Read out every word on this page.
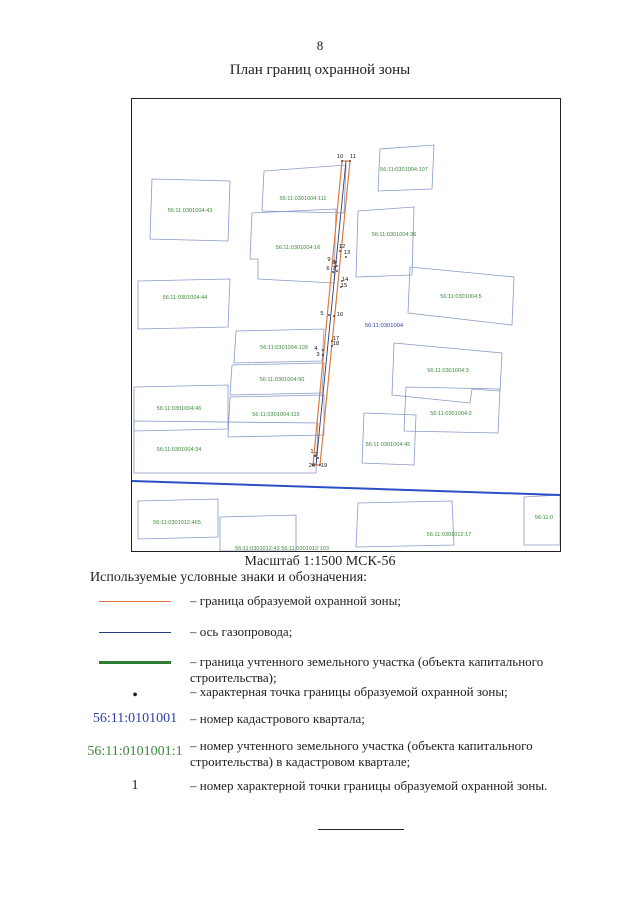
8
План границ охранной зоны
56:11:0301004:107
56:11:0301004:43
56:11:0301004:111
56:11:0301004:36
56:11:0301004:16
56:11:0301004:44	56:11:0301004:5
56:11:0301004:109
56:11:0301004:3
56:11:0301004:90
56:11:0301004:46
56:11:0301004:115	56:11:0301004:2
56:11:0301004:34
56:11:0301004:45
56:11:0301012:465
56:11:0301012:17
56:11:0
56:11:0301012:43 56:11:0301012:103
56:11:0301004
10 11
12
13
9 8
7
6
14
15
5 16
17
18
4
3
1 2
20 19
Масштаб 1:1500 МСК-56
Используемые условные знаки и обозначения:
– граница образуемой охранной зоны;
– ось газопровода;
– граница учтенного земельного участка (объекта капитального строительства);
•	– характерная точка границы образуемой охранной зоны;
56:11:0101001 – номер кадастрового квартала;
56:11:0101001:1 – номер учтенного земельного участка (объекта капитального строительства) в кадастровом квартале;
1	– номер характерной точки границы образуемой охранной зоны.
